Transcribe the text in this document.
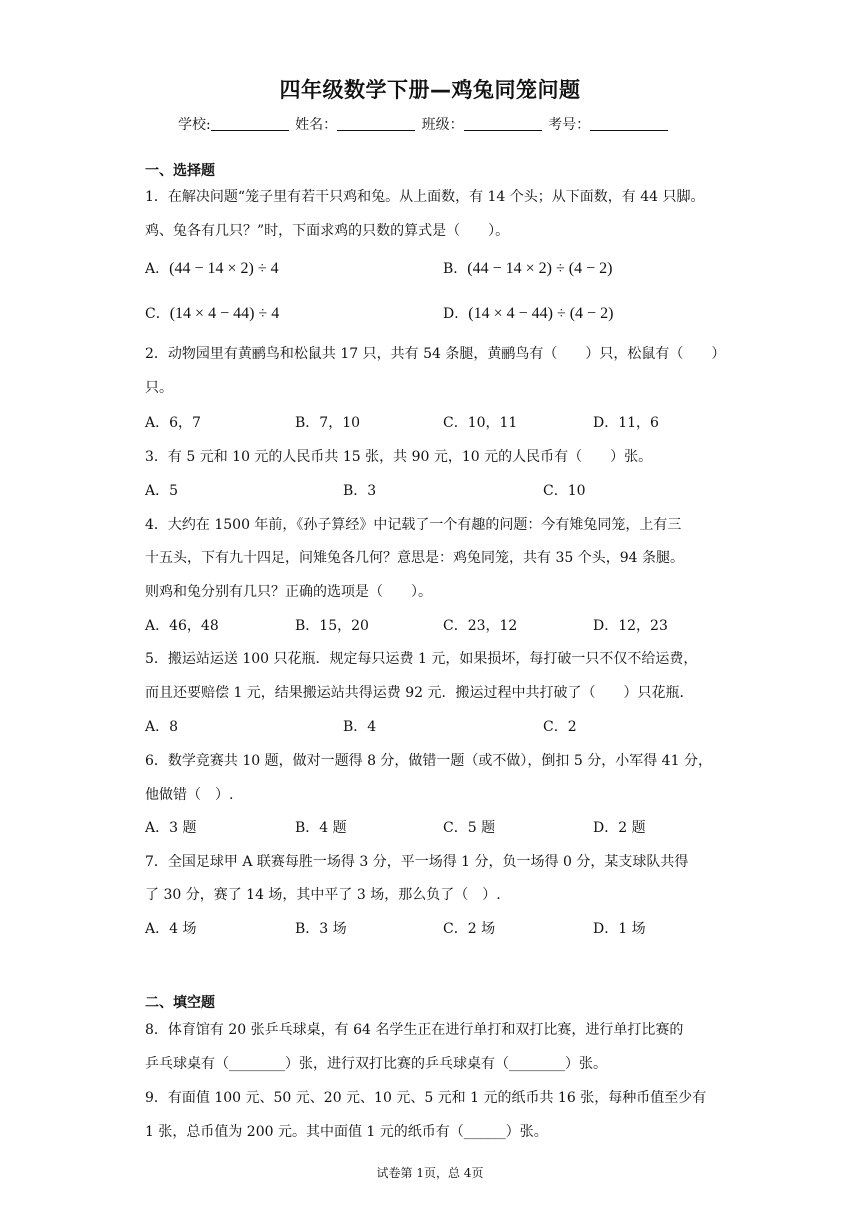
四年级数学下册—鸡兔同笼问题
学校:	姓名：	班级：	考号：
一、选择题
1．在解决问题“笼子里有若干只鸡和兔。从上面数，有 14 个头；从下面数，有 44 只脚。
鸡、兔各有几只？”时，下面求鸡的只数的算式是（　　）。
A．(44 − 14 × 2) ÷ 4	B．(44 − 14 × 2) ÷ (4 − 2)
C．(14 × 4 − 44) ÷ 4	D．(14 × 4 − 44) ÷ (4 − 2)
2．动物园里有黄鹂鸟和松鼠共 17 只，共有 54 条腿，黄鹂鸟有（　　）只，松鼠有（　　）
只。
A．6，7	B．7，10	C．10，11	D．11，6
3．有 5 元和 10 元的人民币共 15 张，共 90 元，10 元的人民币有（　　）张。
A．5	B．3	C．10
4．大约在 1500 年前，《孙子算经》中记载了一个有趣的问题：今有雉兔同笼，上有三
十五头，下有九十四足，问雉兔各几何？意思是：鸡兔同笼，共有 35 个头，94 条腿。
则鸡和兔分别有几只？正确的选项是（　　）。
A．46，48	B．15，20	C．23，12	D．12，23
5．搬运站运送 100 只花瓶．规定每只运费 1 元，如果损坏，每打破一只不仅不给运费，
而且还要赔偿 1 元，结果搬运站共得运费 92 元．搬运过程中共打破了（　　）只花瓶．
A．8	B．4	C．2
6．数学竞赛共 10 题，做对一题得 8 分，做错一题（或不做），倒扣 5 分，小军得 41 分，
他做错（　）.
A．3 题	B．4 题	C．5 题	D．2 题
7．全国足球甲 A 联赛每胜一场得 3 分，平一场得 1 分，负一场得 0 分，某支球队共得
了 30 分，赛了 14 场，其中平了 3 场，那么负了（　）.
A．4 场	B．3 场	C．2 场	D．1 场
二、填空题
8．体育馆有 20 张乒乓球桌，有 64 名学生正在进行单打和双打比赛，进行单打比赛的
乒乓球桌有（________）张，进行双打比赛的乒乓球桌有（________）张。
9．有面值 100 元、50 元、20 元、10 元、5 元和 1 元的纸币共 16 张，每种币值至少有
1 张，总币值为 200 元。其中面值 1 元的纸币有（______）张。
试卷第 1页，总 4页
